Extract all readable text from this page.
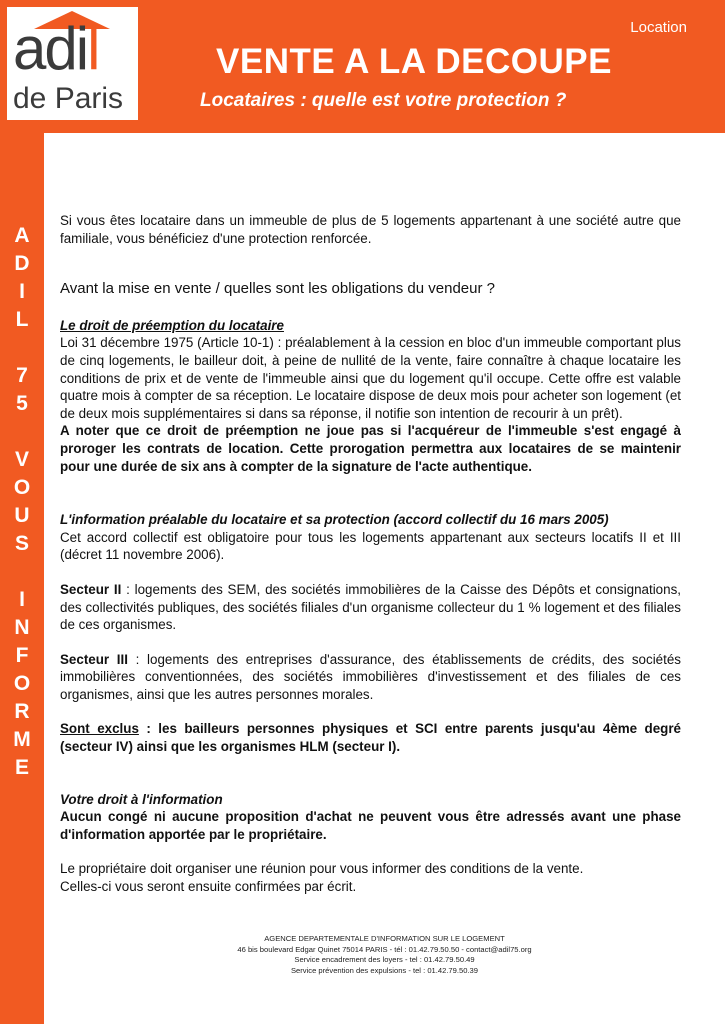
adil
de Paris
Location
VENTE A LA DECOUPE
Locataires : quelle est votre protection ?
A
D
I
L

7
5

V
O
U
S

I
N
F
O
R
M
E

Si vous êtes locataire dans un immeuble de plus de 5 logements appartenant à une société autre que familiale, vous bénéficiez d'une protection renforcée.

Avant la mise en vente / quelles sont les obligations du vendeur ?

Le droit de préemption du locataire

Loi 31 décembre 1975 (Article 10-1) : préalablement à la cession en bloc d'un immeuble comportant plus de cinq logements, le bailleur doit, à peine de nullité de la vente, faire connaître à chaque locataire les conditions de prix et de vente de l'immeuble ainsi que du logement qu'il occupe. Cette offre est valable quatre mois à compter de sa réception. Le locataire dispose de deux mois pour acheter son logement (et de deux mois supplémentaires si dans sa réponse, il notifie son intention de recourir à un prêt).

A noter que ce droit de préemption ne joue pas si l'acquéreur de l'immeuble s'est engagé à proroger les contrats de location. Cette prorogation permettra aux locataires de se maintenir pour une durée de six ans à compter de la signature de l'acte authentique.

L'information préalable du locataire et sa protection (accord collectif du 16 mars 2005)

Cet accord collectif est obligatoire pour tous les logements appartenant aux secteurs locatifs II et III (décret 11 novembre 2006).

Secteur II : logements des SEM, des sociétés immobilières de la Caisse des Dépôts et consignations, des collectivités publiques, des sociétés filiales d'un organisme collecteur du 1 % logement et des filiales de ces organismes.

Secteur III : logements des entreprises d'assurance, des établissements de crédits, des sociétés immobilières conventionnées, des sociétés immobilières d'investissement et des filiales de ces organismes, ainsi que les autres personnes morales.

Sont exclus : les bailleurs personnes physiques et SCI entre parents jusqu'au 4ème degré (secteur IV) ainsi que les organismes HLM (secteur I).

Votre droit à l'information

Aucun congé ni aucune proposition d'achat ne peuvent vous être adressés avant une phase d'information apportée par le propriétaire.

Le propriétaire doit organiser une réunion pour vous informer des conditions de la vente.

Celles-ci vous seront ensuite confirmées par écrit.

AGENCE DEPARTEMENTALE D'INFORMATION SUR LE LOGEMENT
46 bis boulevard Edgar Quinet 75014 PARIS - tél : 01.42.79.50.50 - contact@adil75.org
Service encadrement des loyers - tel : 01.42.79.50.49
Service prévention des expulsions - tel : 01.42.79.50.39
